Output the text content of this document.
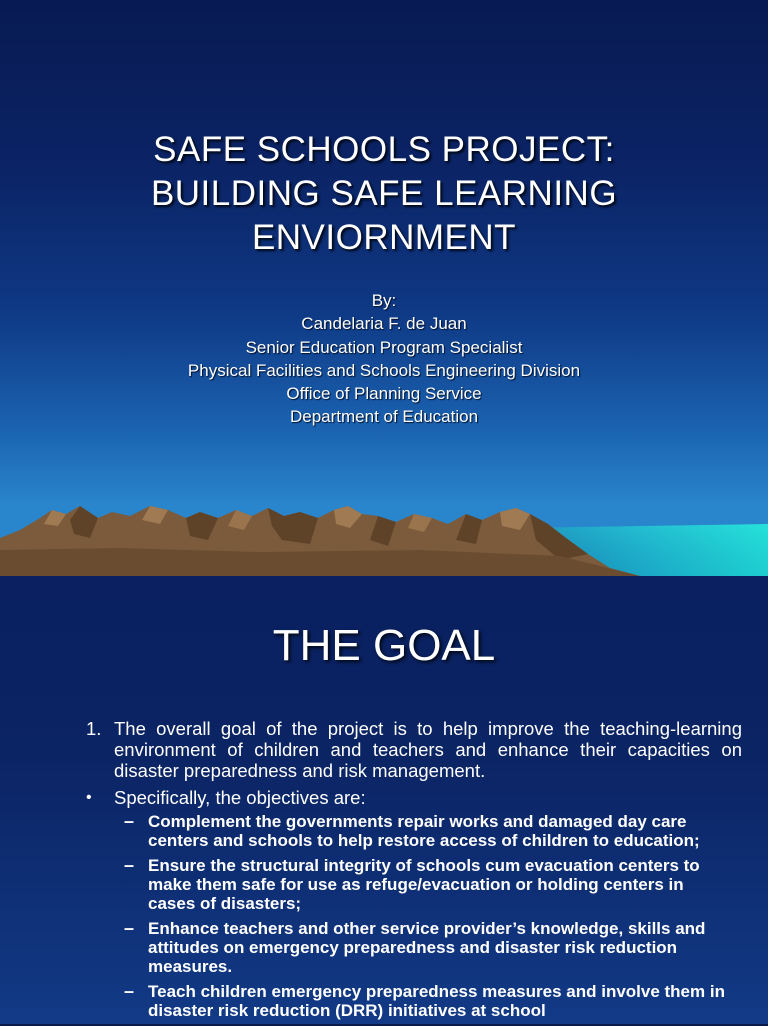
SAFE SCHOOLS PROJECT:
BUILDING SAFE LEARNING
ENVIORNMENT
By:
Candelaria F. de Juan
Senior Education Program Specialist
Physical Facilities and Schools Engineering Division
Office of Planning Service
Department of Education
THE GOAL
1. The overall goal of the project is to help improve the teaching-learning environment of children and teachers and enhance their capacities on disaster preparedness and risk management.
• Specifically, the objectives are:
– Complement the governments repair works and damaged day care centers and schools to help restore access of children to education;
– Ensure the structural integrity of schools cum evacuation centers to make them safe for use as refuge/evacuation or holding centers in cases of disasters;
– Enhance teachers and other service provider’s knowledge, skills and attitudes on emergency preparedness and disaster risk reduction measures.
– Teach children emergency preparedness measures and involve them in disaster risk reduction (DRR) initiatives at school
